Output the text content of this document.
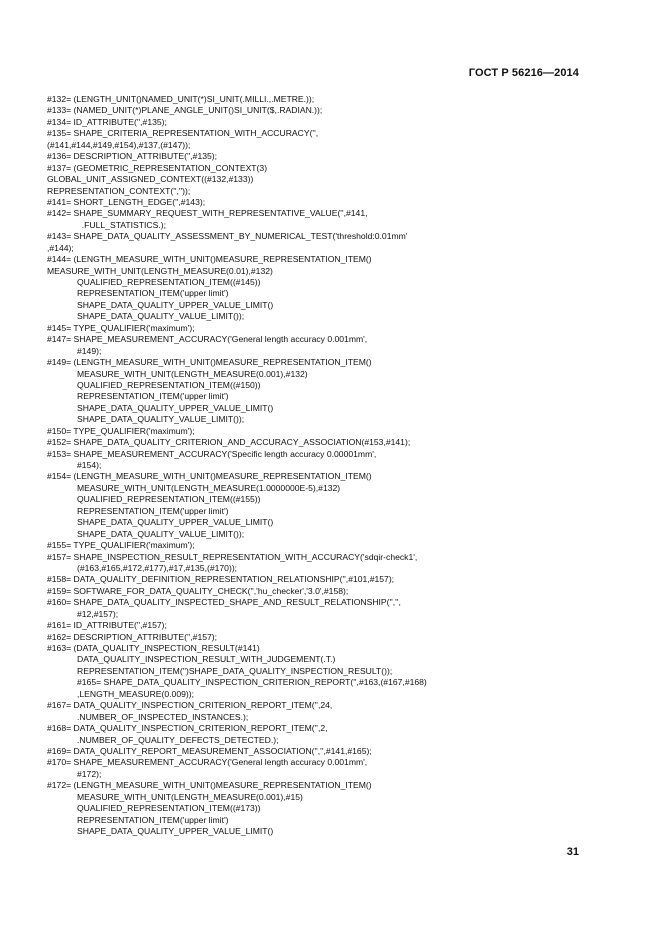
ГОСТ Р 56216—2014
#132= (LENGTH_UNIT()NAMED_UNIT(*)SI_UNIT(.MILLI.,.METRE.));
#133= (NAMED_UNIT(*)PLANE_ANGLE_UNIT()SI_UNIT($,.RADIAN.));
#134= ID_ATTRIBUTE('',#135);
#135= SHAPE_CRITERIA_REPRESENTATION_WITH_ACCURACY('',
(#141,#144,#149,#154),#137,(#147));
#136= DESCRIPTION_ATTRIBUTE('',#135);
#137= (GEOMETRIC_REPRESENTATION_CONTEXT(3)
GLOBAL_UNIT_ASSIGNED_CONTEXT((#132,#133))
REPRESENTATION_CONTEXT('',''));
#141= SHORT_LENGTH_EDGE('',#143);
#142= SHAPE_SUMMARY_REQUEST_WITH_REPRESENTATIVE_VALUE('',#141,
.FULL_STATISTICS.);
#143= SHAPE_DATA_QUALITY_ASSESSMENT_BY_NUMERICAL_TEST('threshold:0.01mm'
,#144);
#144= (LENGTH_MEASURE_WITH_UNIT()MEASURE_REPRESENTATION_ITEM()
MEASURE_WITH_UNIT(LENGTH_MEASURE(0.01),#132)
QUALIFIED_REPRESENTATION_ITEM((#145))
REPRESENTATION_ITEM('upper limit')
SHAPE_DATA_QUALITY_UPPER_VALUE_LIMIT()
SHAPE_DATA_QUALITY_VALUE_LIMIT());
#145= TYPE_QUALIFIER('maximum');
#147= SHAPE_MEASUREMENT_ACCURACY('General length accuracy 0.001mm',
#149);
#149= (LENGTH_MEASURE_WITH_UNIT()MEASURE_REPRESENTATION_ITEM()
MEASURE_WITH_UNIT(LENGTH_MEASURE(0.001),#132)
QUALIFIED_REPRESENTATION_ITEM((#150))
REPRESENTATION_ITEM('upper limit')
SHAPE_DATA_QUALITY_UPPER_VALUE_LIMIT()
SHAPE_DATA_QUALITY_VALUE_LIMIT());
#150= TYPE_QUALIFIER('maximum');
#152= SHAPE_DATA_QUALITY_CRITERION_AND_ACCURACY_ASSOCIATION(#153,#141);
#153= SHAPE_MEASUREMENT_ACCURACY('Specific length accuracy 0.00001mm',
#154);
#154= (LENGTH_MEASURE_WITH_UNIT()MEASURE_REPRESENTATION_ITEM()
MEASURE_WITH_UNIT(LENGTH_MEASURE(1.0000000E-5),#132)
QUALIFIED_REPRESENTATION_ITEM((#155))
REPRESENTATION_ITEM('upper limit')
SHAPE_DATA_QUALITY_UPPER_VALUE_LIMIT()
SHAPE_DATA_QUALITY_VALUE_LIMIT());
#155= TYPE_QUALIFIER('maximum');
#157= SHAPE_INSPECTION_RESULT_REPRESENTATION_WITH_ACCURACY('sdqir-check1',
(#163,#165,#172,#177),#17,#135,(#170));
#158= DATA_QUALITY_DEFINITION_REPRESENTATION_RELATIONSHIP('',#101,#157);
#159= SOFTWARE_FOR_DATA_QUALITY_CHECK('','hu_checker','3.0',#158);
#160= SHAPE_DATA_QUALITY_INSPECTED_SHAPE_AND_RESULT_RELATIONSHIP('','',
#12,#157);
#161= ID_ATTRIBUTE('',#157);
#162= DESCRIPTION_ATTRIBUTE('',#157);
#163= (DATA_QUALITY_INSPECTION_RESULT(#141)
DATA_QUALITY_INSPECTION_RESULT_WITH_JUDGEMENT(.T.)
REPRESENTATION_ITEM('')SHAPE_DATA_QUALITY_INSPECTION_RESULT());
#165= SHAPE_DATA_QUALITY_INSPECTION_CRITERION_REPORT('',#163,(#167,#168)
,LENGTH_MEASURE(0.009));
#167= DATA_QUALITY_INSPECTION_CRITERION_REPORT_ITEM('',24,
.NUMBER_OF_INSPECTED_INSTANCES.);
#168= DATA_QUALITY_INSPECTION_CRITERION_REPORT_ITEM('',2,
.NUMBER_OF_QUALITY_DEFECTS_DETECTED.);
#169= DATA_QUALITY_REPORT_MEASUREMENT_ASSOCIATION('','',#141,#165);
#170= SHAPE_MEASUREMENT_ACCURACY('General length accuracy 0.001mm',
#172);
#172= (LENGTH_MEASURE_WITH_UNIT()MEASURE_REPRESENTATION_ITEM()
MEASURE_WITH_UNIT(LENGTH_MEASURE(0.001),#15)
QUALIFIED_REPRESENTATION_ITEM((#173))
REPRESENTATION_ITEM('upper limit')
SHAPE_DATA_QUALITY_UPPER_VALUE_LIMIT()
31
